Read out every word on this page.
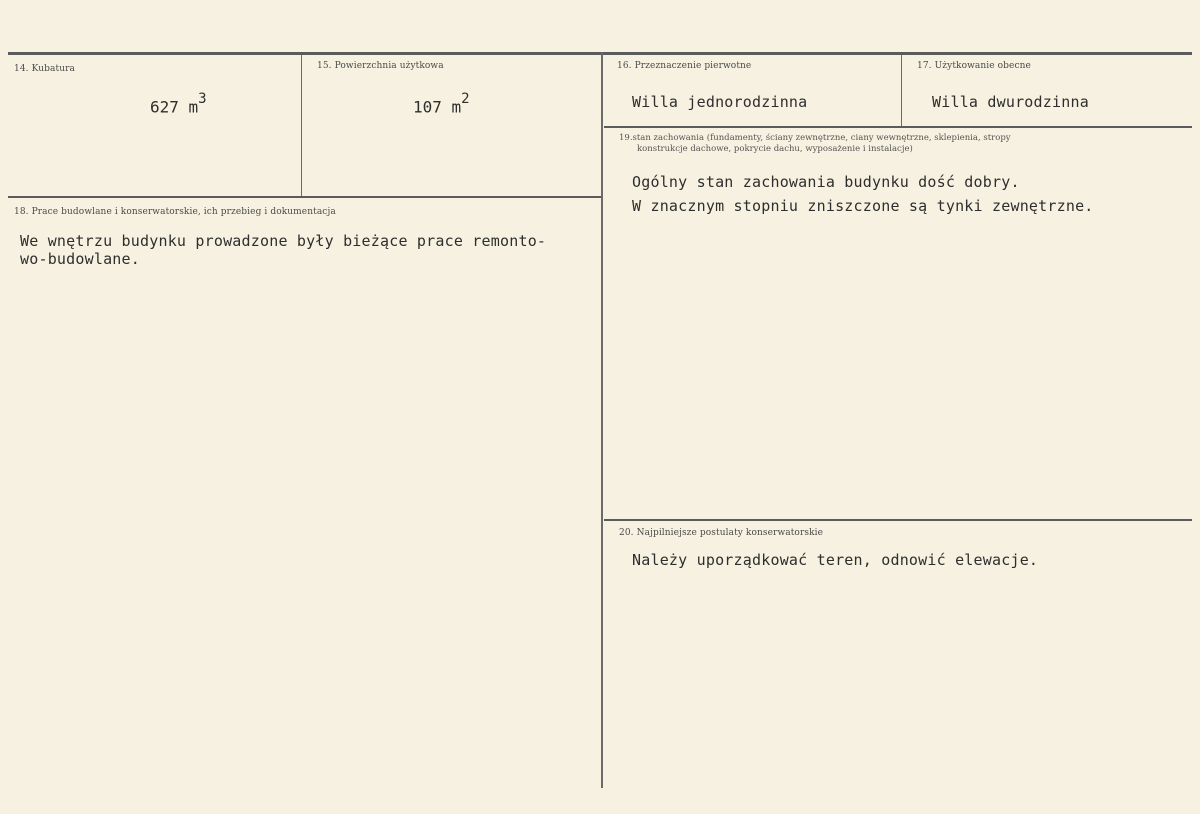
14. Kubatura
627 $m^3$
15. Powierzchnia użytkowa
107 $m^2$
16. Przeznaczenie pierwotne
Willa jednorodzinna
17. Użytkowanie obecne
Willa dwurodzinna
18. Prace budowlane i konserwatorskie, ich przebieg i dokumentacja
We wnętrzu budynku prowadzone były bieżące prace remonto-
wo-budowlane.
19.stan zachowania (fundamenty, ściany zewnętrzne, ciany wewnętrzne, sklepienia, stropy
konstrukcje dachowe, pokrycie dachu, wyposażenie i instalacje)
Ogólny stan zachowania budynku dość dobry.
W znacznym stopniu zniszczone są tynki zewnętrzne.
20. Najpilniejsze postulaty konserwatorskie
Należy uporządkować teren, odnowić elewacje.
